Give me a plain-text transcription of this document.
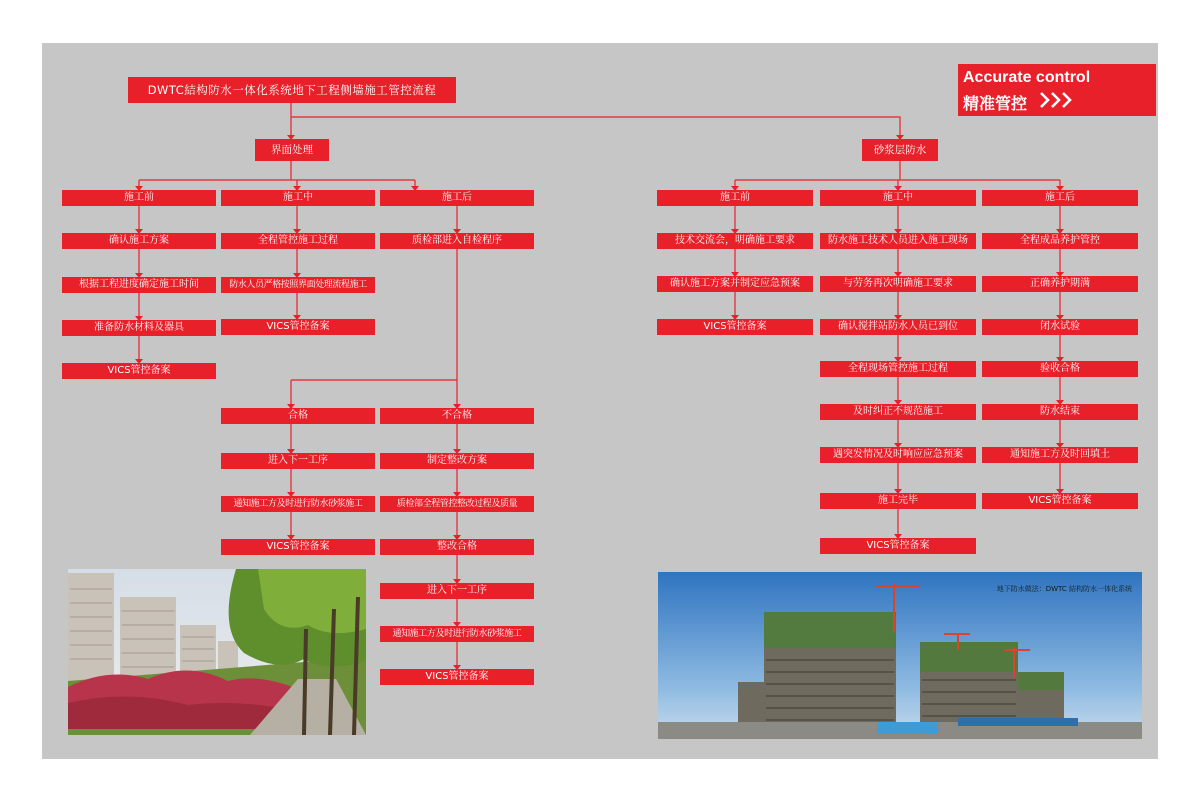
DWTC結构防水一体化系统地下工程侧墙施工管控流程
Accurate control
精准管控
界面处理
施工前
确认施工方案
根据工程进度确定施工时间
准备防水材料及器具
VICS管控备案
施工中
全程管控施工过程
防水人员严格按照界面处理流程施工
VICS管控备案
施工后
质检部进入自检程序
合格
进入下一工序
通知施工方及时进行防水砂浆施工
VICS管控备案
不合格
制定整改方案
质检部全程管控整改过程及质量
整改合格
进入下一工序
通知施工方及时进行防水砂浆施工
VICS管控备案
砂浆层防水
施工前
技术交流会，明确施工要求
确认施工方案并制定应急预案
VICS管控备案
施工中
防水施工技术人员进入施工现场
与劳务再次明确施工要求
确认搅拌站防水人员已到位
全程现场管控施工过程
及时纠正不规范施工
遇突发情况及时响应应急预案
施工完毕
VICS管控备案
施工后
全程成品养护管控
正确养护期满
闭水试验
验收合格
防水结束
通知施工方及时回填土
VICS管控备案
地下防水做法：DWTC 結构防水一体化系统
